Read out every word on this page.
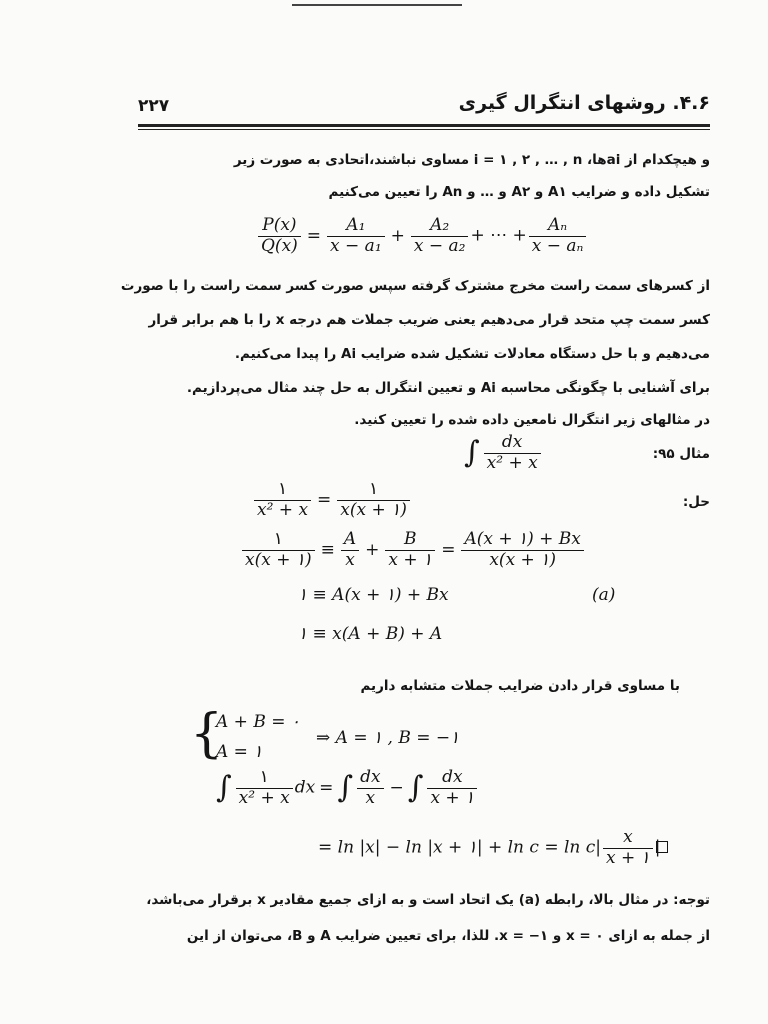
۴.۶. روشهای انتگرال گیری
۲۲۷
و هیچکدام از aiها، i = ۱ , ۲ , … , n مساوی نباشند،اتحادی به صورت زیر
تشکیل داده و ضرایب A۱ و A۲ و … و An را تعیین می‌کنیم
$\frac{P(x)}{Q(x)} = \frac{\text{A₁}}{\text{x − a₁}} + \frac{\text{A₂}}{\text{x − a₂}}$ + ⋯ + $\frac{\text{Aₙ}}{\text{x − aₙ}}$
از کسرهای سمت راست مخرج مشترک گرفته سپس صورت کسر سمت راست را با صورت
کسر سمت چپ متحد قرار می‌دهیم یعنی ضریب جملات هم درجه x را با هم برابر قرار
می‌دهیم و با حل دستگاه معادلات تشکیل شده ضرایب Ai را پیدا می‌کنیم.
برای آشنایی با چگونگی محاسبه Ai و تعیین انتگرال به حل چند مثال می‌پردازیم.
در مثالهای زیر انتگرال نامعین داده شده را تعیین کنید.
مثال ۹۵:
∫ $\frac{dx}{\text{x² + x}}$
حل:
$\frac{۱}{\text{x² + x}} = \frac{۱}{x(x + ۱)}$
$\frac{۱}{x(x + ۱)} \equiv \frac{A}{x} + \frac{B}{x + ۱} = \frac{A(x + ۱) + Bx}{x(x + ۱)}$
۱ ≡ A(x + ۱) + Bx	(a)
۱ ≡ x(A + B) + A
با مساوی قرار دادن ضرایب جملات متشابه داریم
{
A + B = ۰
A = ۱
⇒ A = ۱ , B = −۱
∫ $\frac{۱}{\text{x² + x}}$ dx = ∫ $\frac{dx}{x}$ − ∫ $\frac{dx}{x + ۱}$
= ln |x| − ln |x + ۱| + $\ln c = \ln c| \frac{x}{x + ۱}$ |
توجه: در مثال بالا، رابطه (a) یک اتحاد است و به ازای جمیع مقادیر x برقرار می‌باشد،
از جمله به ازای ۰ = x و ۱− = x. للذا، برای تعیین ضرایب A و B، می‌توان از این
